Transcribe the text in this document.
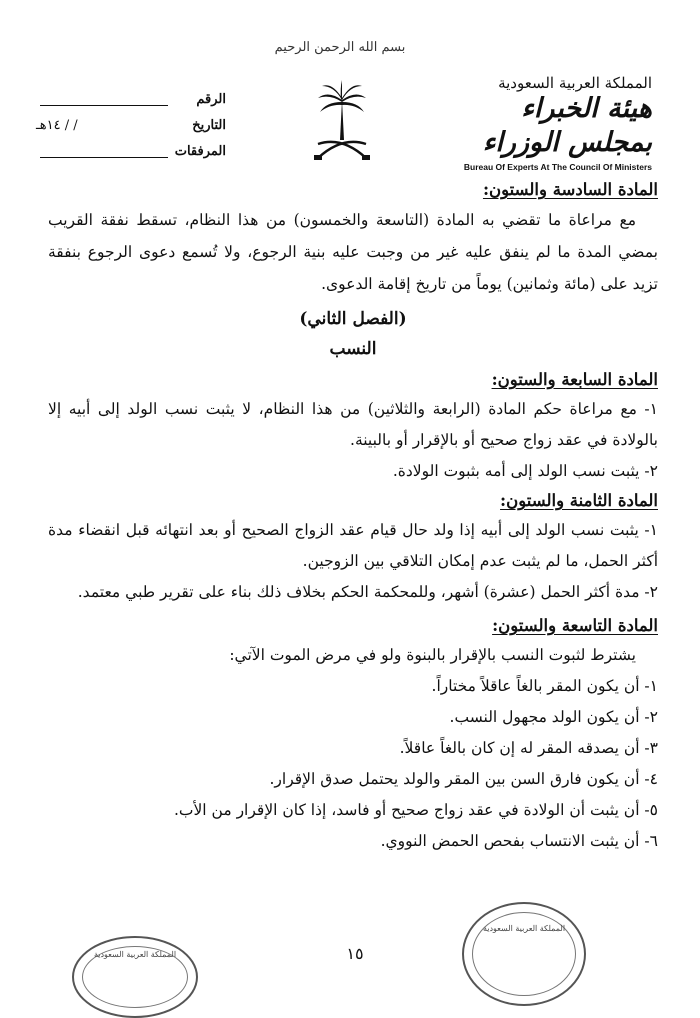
بسم الله الرحمن الرحيم
المملكة العربية السعودية
هيئة الخبراء بمجلس الوزراء
Bureau Of Experts At The Council Of Ministers
الرقم
التاريخ
/ / ١٤هـ
المرفقات
المادة السادسة والستون:
مع مراعاة ما تقضي به المادة (التاسعة والخمسون) من هذا النظام، تسقط نفقة القريب بمضي المدة ما لم ينفق عليه غير من وجبت عليه بنية الرجوع، ولا تُسمع دعوى الرجوع بنفقة تزيد على (مائة وثمانين) يوماً من تاريخ إقامة الدعوى.
(الفصل الثاني)
النسب
المادة السابعة والستون:
١- مع مراعاة حكم المادة (الرابعة والثلاثين) من هذا النظام، لا يثبت نسب الولد إلى أبيه إلا بالولادة في عقد زواج صحيح أو بالإقرار أو بالبينة.
٢- يثبت نسب الولد إلى أمه بثبوت الولادة.
المادة الثامنة والستون:
١- يثبت نسب الولد إلى أبيه إذا ولد حال قيام عقد الزواج الصحيح أو بعد انتهائه قبل انقضاء مدة أكثر الحمل، ما لم يثبت عدم إمكان التلاقي بين الزوجين.
٢- مدة أكثر الحمل (عشرة) أشهر، وللمحكمة الحكم بخلاف ذلك بناء على تقرير طبي معتمد.
المادة التاسعة والستون:
يشترط لثبوت النسب بالإقرار بالبنوة ولو في مرض الموت الآتي:
١- أن يكون المقر بالغاً عاقلاً مختاراً.
٢- أن يكون الولد مجهول النسب.
٣- أن يصدقه المقر له إن كان بالغاً عاقلاً.
٤- أن يكون فارق السن بين المقر والولد يحتمل صدق الإقرار.
٥- أن يثبت أن الولادة في عقد زواج صحيح أو فاسد، إذا كان الإقرار من الأب.
٦- أن يثبت الانتساب بفحص الحمض النووي.
١٥
المملكة العربية السعودية
المملكة العربية السعودية
